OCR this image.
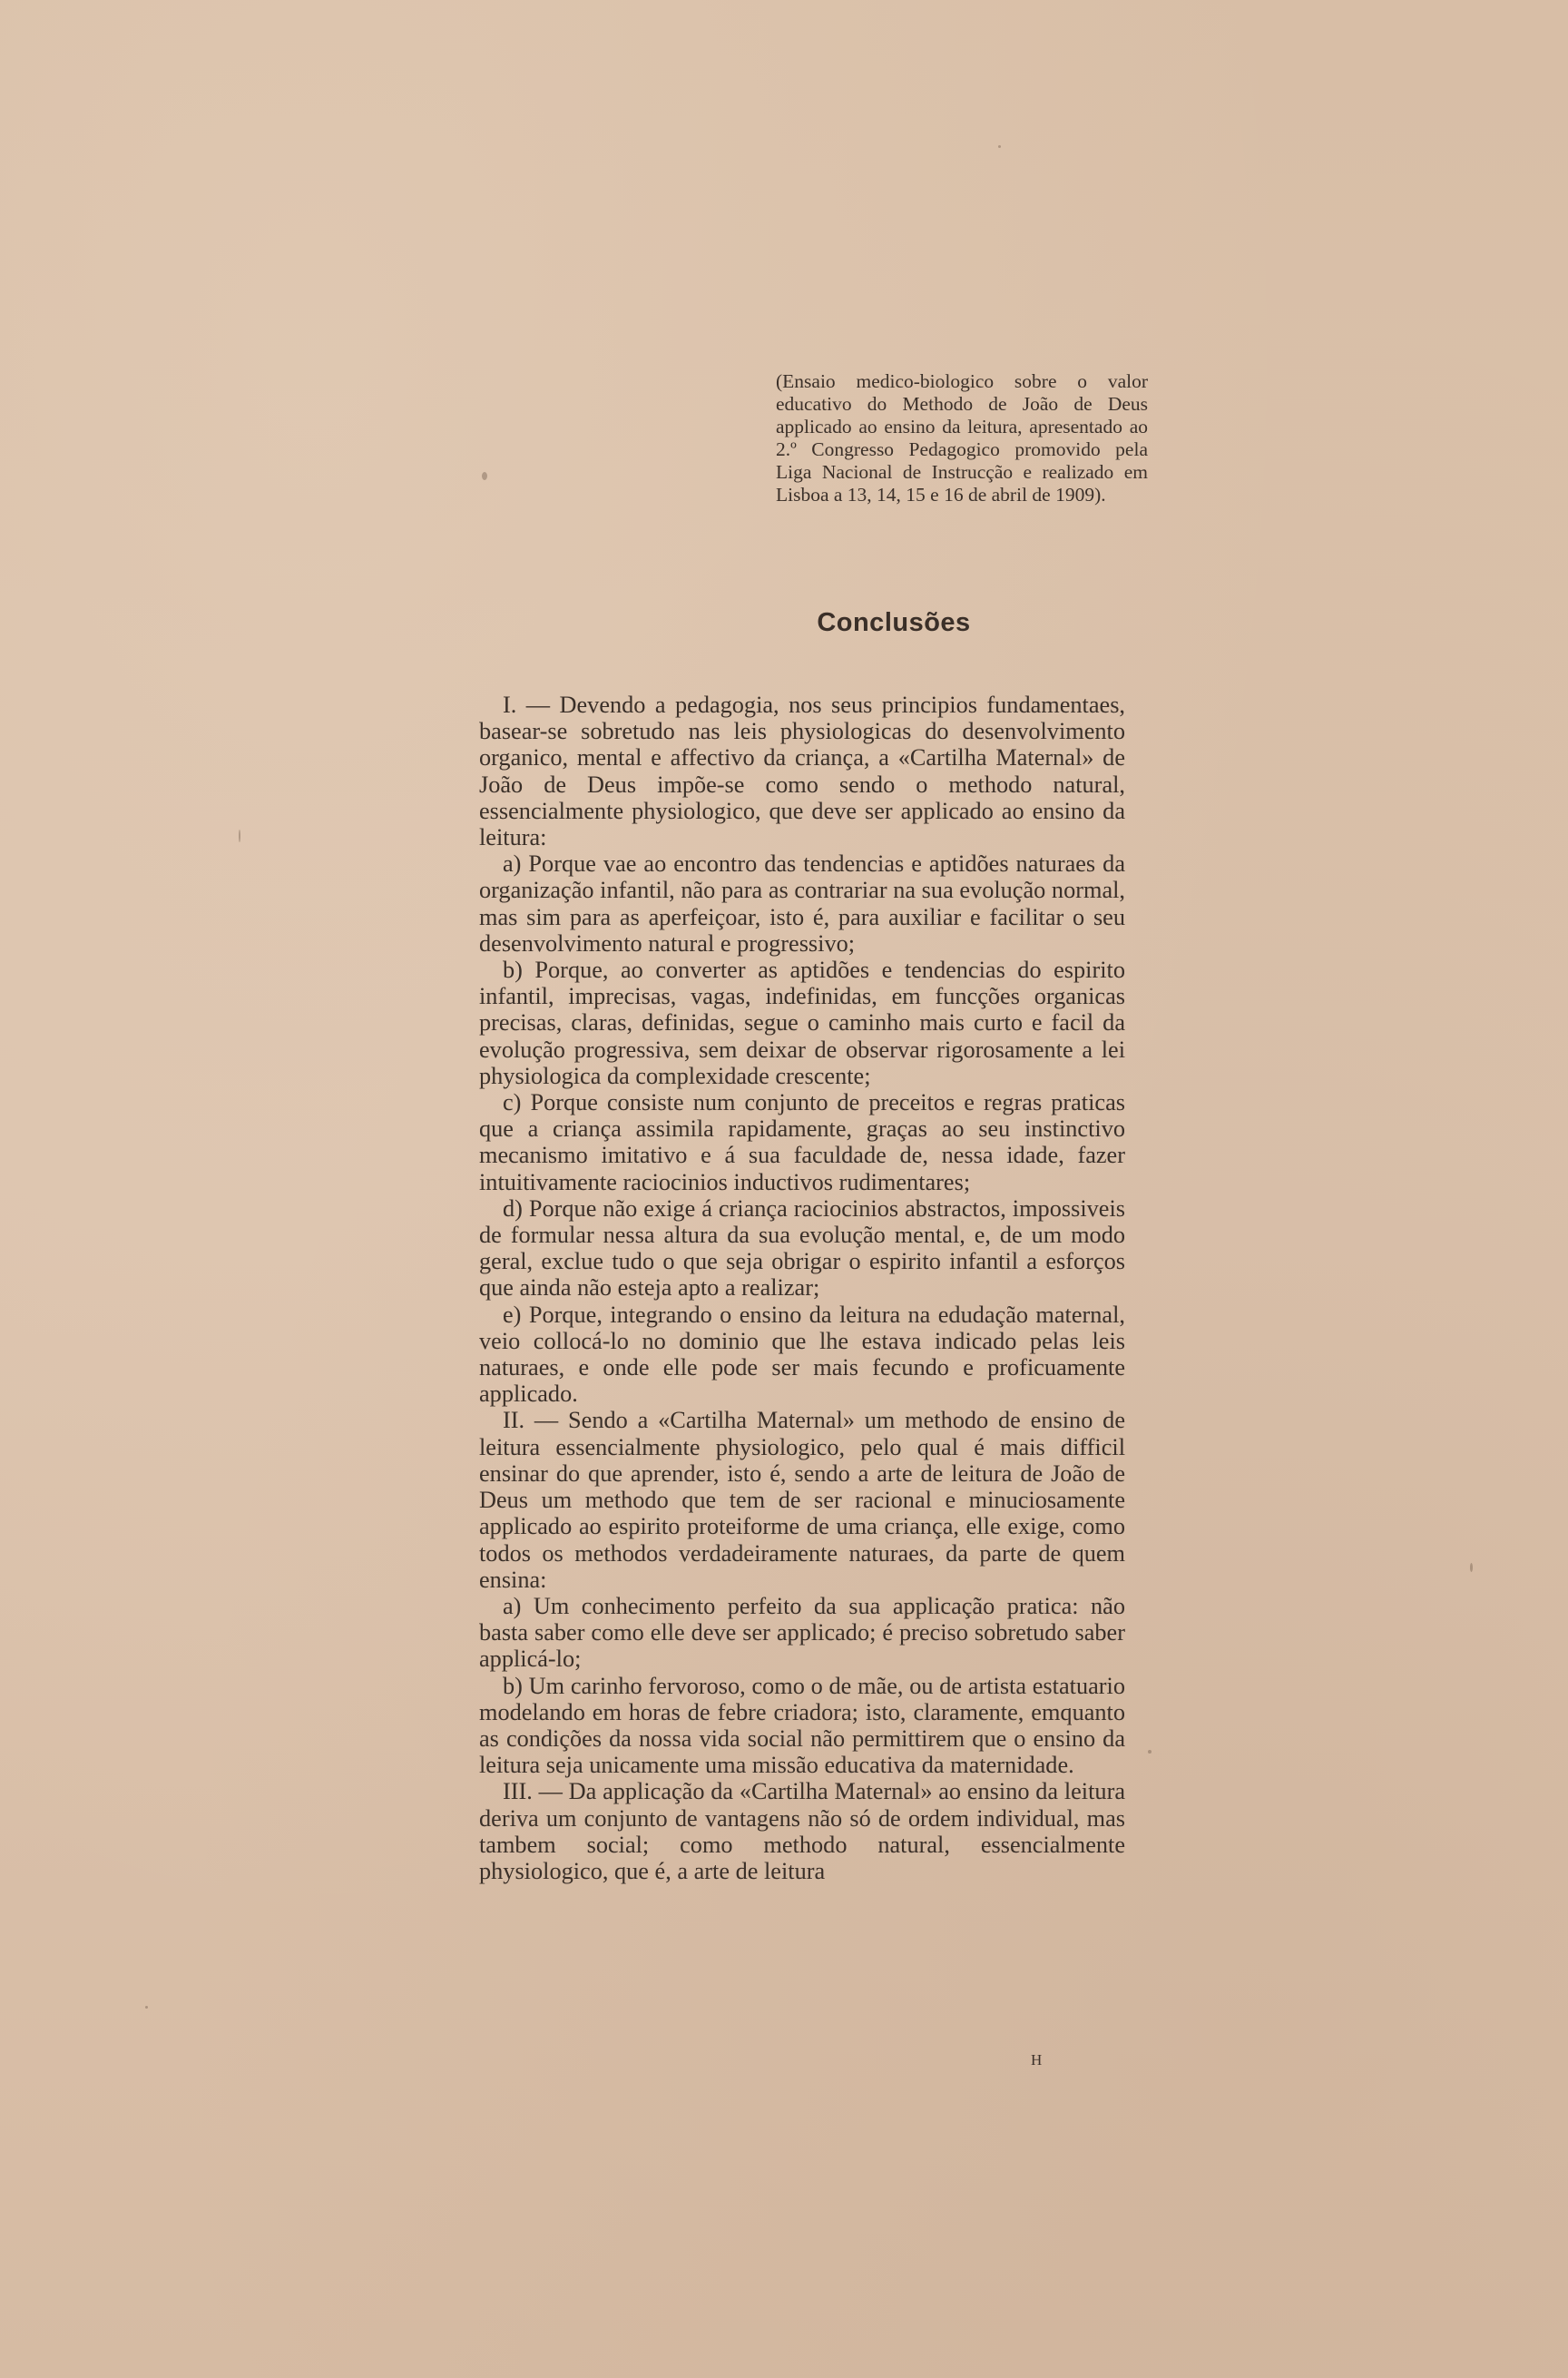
(Ensaio medico-biologico sobre o valor educativo do Methodo de João de Deus applicado ao ensino da leitura, apresentado ao 2.º Congresso Pedagogico promovido pela Liga Nacional de Instrucção e realizado em Lisboa a 13, 14, 15 e 16 de abril de 1909).
Conclusões

I. — Devendo a pedagogia, nos seus principios fundamentaes, basear-se sobretudo nas leis physiologicas do desenvolvimento organico, mental e affectivo da criança, a «Cartilha Maternal» de João de Deus impõe-se como sendo o methodo natural, essencialmente physiologico, que deve ser applicado ao ensino da leitura:

a) Porque vae ao encontro das tendencias e aptidões naturaes da organização infantil, não para as contrariar na sua evolução normal, mas sim para as aperfeiçoar, isto é, para auxiliar e facilitar o seu desenvolvimento natural e progressivo;

b) Porque, ao converter as aptidões e tendencias do espirito infantil, imprecisas, vagas, indefinidas, em funcções organicas precisas, claras, definidas, segue o caminho mais curto e facil da evolução progressiva, sem deixar de observar rigorosamente a lei physiologica da complexidade crescente;

c) Porque consiste num conjunto de preceitos e regras praticas que a criança assimila rapidamente, graças ao seu instinctivo mecanismo imitativo e á sua faculdade de, nessa idade, fazer intuitivamente raciocinios inductivos rudimentares;

d) Porque não exige á criança raciocinios abstractos, impossiveis de formular nessa altura da sua evolução mental, e, de um modo geral, exclue tudo o que seja obrigar o espirito infantil a esforços que ainda não esteja apto a realizar;

e) Porque, integrando o ensino da leitura na edudação maternal, veio collocá-lo no dominio que lhe estava indicado pelas leis naturaes, e onde elle pode ser mais fecundo e proficuamente applicado.

II. — Sendo a «Cartilha Maternal» um methodo de ensino de leitura essencialmente physiologico, pelo qual é mais difficil ensinar do que aprender, isto é, sendo a arte de leitura de João de Deus um methodo que tem de ser racional e minuciosamente applicado ao espirito proteiforme de uma criança, elle exige, como todos os methodos verdadeiramente naturaes, da parte de quem ensina:

a) Um conhecimento perfeito da sua applicação pratica: não basta saber como elle deve ser applicado; é preciso sobretudo saber applicá-lo;

b) Um carinho fervoroso, como o de mãe, ou de artista estatuario modelando em horas de febre criadora; isto, claramente, emquanto as condições da nossa vida social não permittirem que o ensino da leitura seja unicamente uma missão educativa da maternidade.

III. — Da applicação da «Cartilha Maternal» ao ensino da leitura deriva um conjunto de vantagens não só de ordem individual, mas tambem social; como methodo natural, essencialmente physiologico, que é, a arte de leitura

H
